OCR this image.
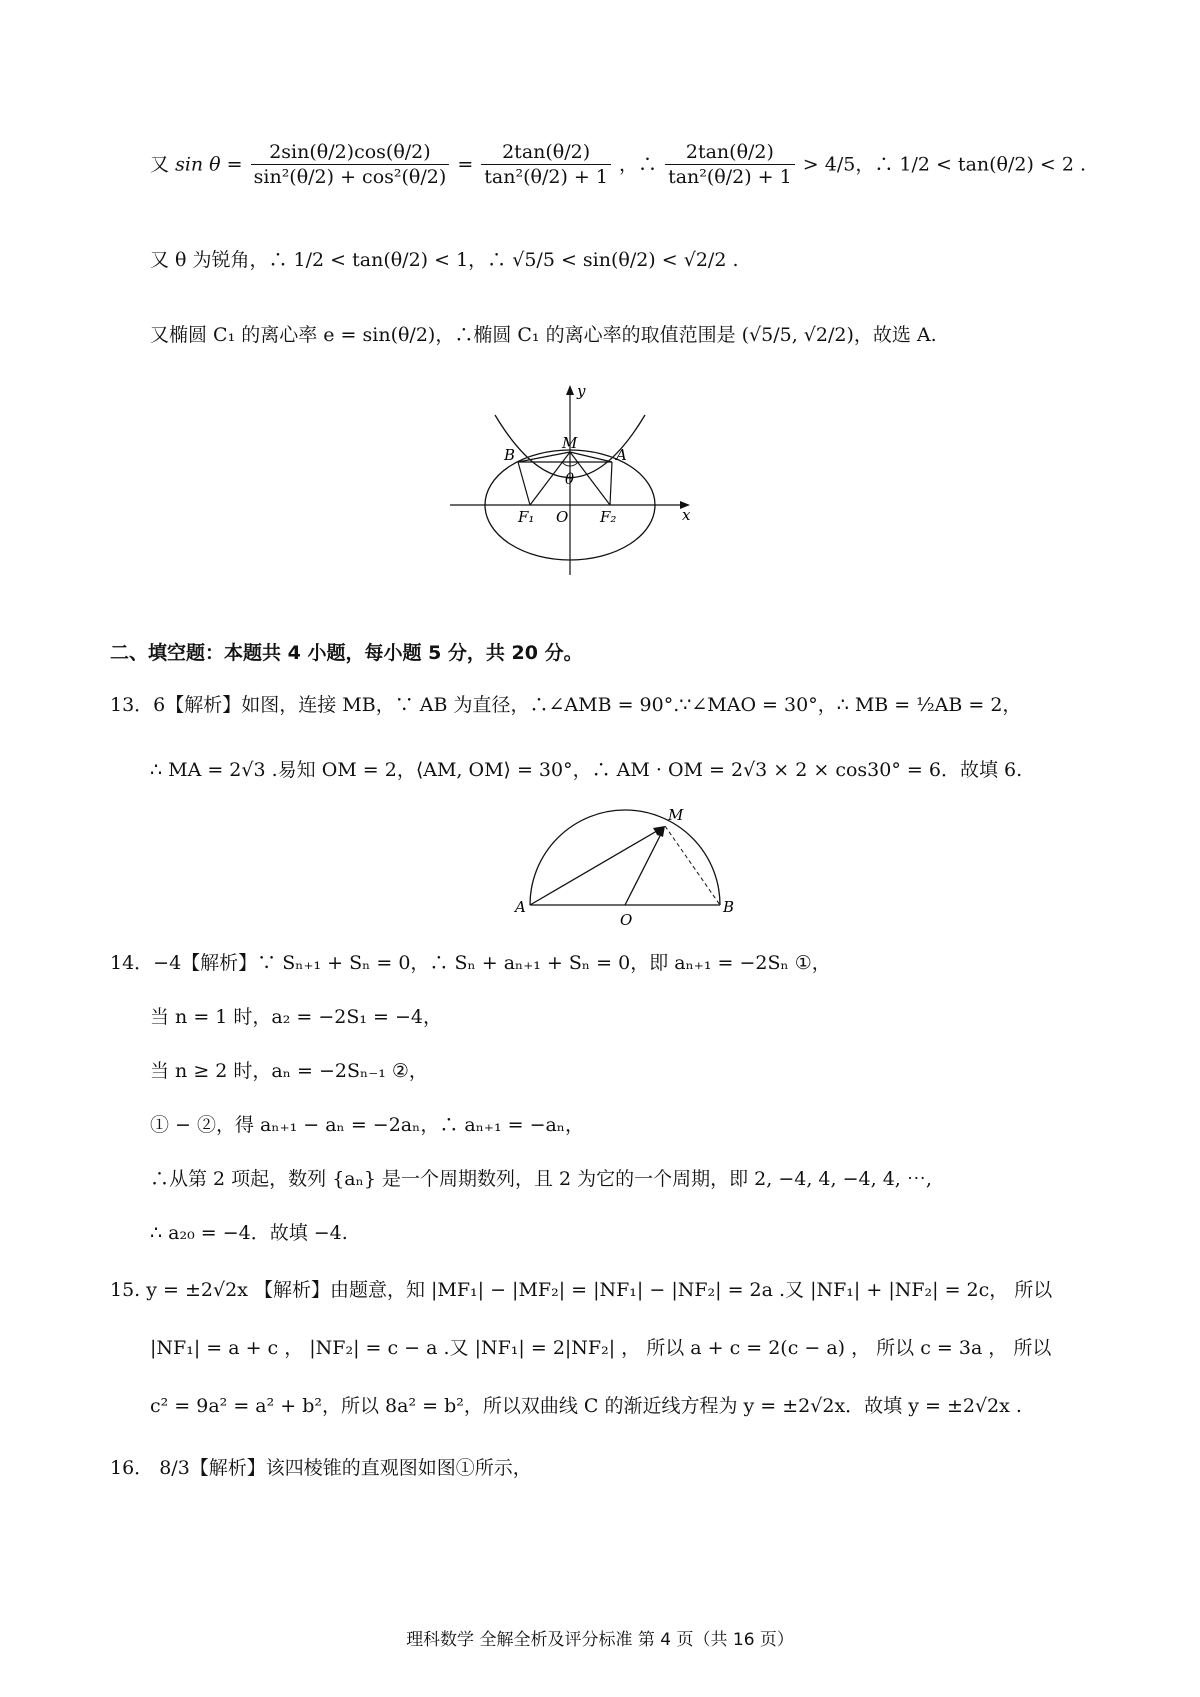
又 $\sin \theta = \frac{2\sin(\theta/2)\cos(\theta/2)}{\text{sin²(θ/2) + cos²(θ/2)}} = \frac{2\tan(\theta/2)}{\text{tan²(θ/2) + 1}}$ ，∴ $\frac{2\tan(\theta/2)}{\text{tan²(θ/2) + 1}} > 4/5$，∴ 1/2 < tan(θ/2) < 2 .
又 θ 为锐角，∴ 1/2 < tan(θ/2) < 1，∴ √5/5 < sin(θ/2) < √2/2 .
又椭圆 C₁ 的离心率 e = sin(θ/2)，∴椭圆 C₁ 的离心率的取值范围是 (√5/5, √2/2)，故选 A.
y
x
M
B	A
θ
F₁ O F₂
二、填空题：本题共 4 小题，每小题 5 分，共 20 分。
13．6【解析】如图，连接 MB，∵ AB 为直径，∴∠AMB = 90°.∵∠MAO = 30°，∴ MB = ½AB = 2，
∴ MA = 2√3 .易知 OM = 2，⟨AM, OM⟩ = 30°，∴ AM · OM = 2√3 × 2 × cos30° = 6．故填 6.
M
A
O
B
14．−4【解析】∵ Sₙ₊₁ + Sₙ = 0，∴ Sₙ + aₙ₊₁ + Sₙ = 0，即 aₙ₊₁ = −2Sₙ ①，
当 n = 1 时，a₂ = −2S₁ = −4，
当 n ≥ 2 时，aₙ = −2Sₙ₋₁ ②，
① − ②，得 aₙ₊₁ − aₙ = −2aₙ，∴ aₙ₊₁ = −aₙ，
∴从第 2 项起，数列 {aₙ} 是一个周期数列，且 2 为它的一个周期，即 2, −4, 4, −4, 4, ⋯,
∴ a₂₀ = −4．故填 −4.
15. y = ±2√2x 【解析】由题意，知 |MF₁| − |MF₂| = |NF₁| − |NF₂| = 2a .又 |NF₁| + |NF₂| = 2c， 所以
|NF₁| = a + c ， |NF₂| = c − a .又 |NF₁| = 2|NF₂| ， 所以 a + c = 2(c − a) ， 所以 c = 3a ， 所以
c² = 9a² = a² + b²，所以 8a² = b²，所以双曲线 C 的渐近线方程为 y = ±2√2x．故填 y = ±2√2x .
16． 8/3【解析】该四棱锥的直观图如图①所示，
理科数学 全解全析及评分标准 第 4 页（共 16 页）
